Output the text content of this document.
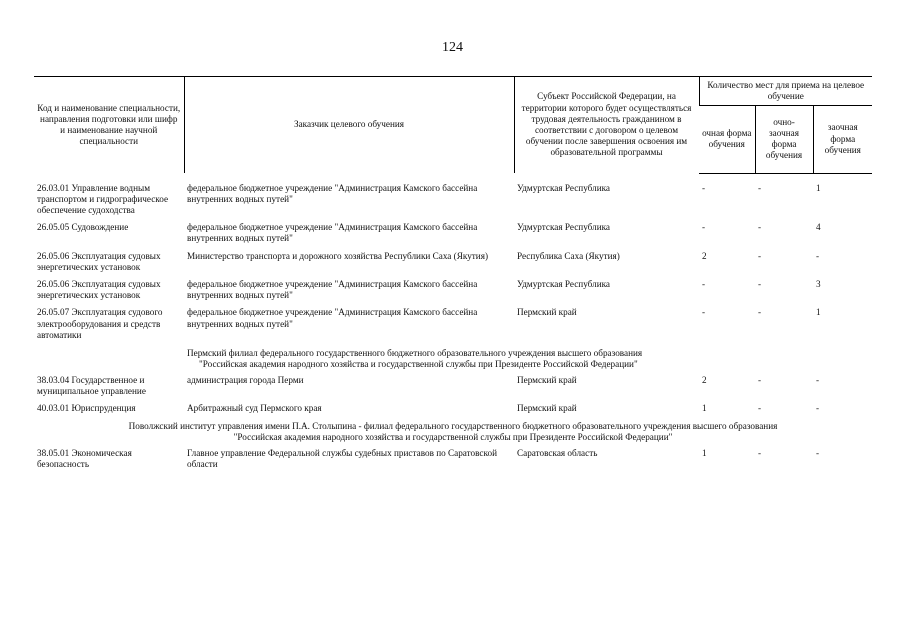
124
Код и наименование специальности, направления подготовки или шифр и наименование научной специальности	Заказчик целевого обучения	Субъект Российской Федерации, на территории которого будет осуществляться трудовая деятельность гражданином в соответствии с договором о целевом обучении после завершения освоения им образовательной программы	Количество мест для приема на целевое обучение		
			очная форма обучения	очно-заочная форма обучения	заочная форма обучения

26.03.01 Управление водным транспортом и гидрографическое обеспечение судоходства	федеральное бюджетное учреждение "Администрация Камского бассейна внутренних водных путей"	Удмуртская Республика	-	-	1
26.05.05 Судовождение	федеральное бюджетное учреждение "Администрация Камского бассейна внутренних водных путей"	Удмуртская Республика	-	-	4
26.05.06 Эксплуатация судовых энергетических установок	Министерство транспорта и дорожного хозяйства Республики Саха (Якутия)	Республика Саха (Якутия)	2	-	-
26.05.06 Эксплуатация судовых энергетических установок	федеральное бюджетное учреждение "Администрация Камского бассейна внутренних водных путей"	Удмуртская Республика	-	-	3
26.05.07 Эксплуатация судового электрооборудования и средств автоматики	федеральное бюджетное учреждение "Администрация Камского бассейна внутренних водных путей"	Пермский край	-	-	1

	Пермский филиал федерального государственного бюджетного образовательного учреждения высшего образования
"Российская академия народного хозяйства и государственной службы при Президенте Российской Федерации"				

38.03.04 Государственное и муниципальное управление	администрация города Перми	Пермский край	2	-	-
40.03.01 Юриспруденция	Арбитражный суд Пермского края	Пермский край	1	-	-

Поволжский институт управления имени П.А. Столыпина - филиал федерального государственного бюджетного образовательного учреждения высшего образования
"Российская академия народного хозяйства и государственной службы при Президенте Российской Федерации"					

38.05.01 Экономическая безопасность	Главное управление Федеральной службы судебных приставов по Саратовской области	Саратовская область	1	-	-
